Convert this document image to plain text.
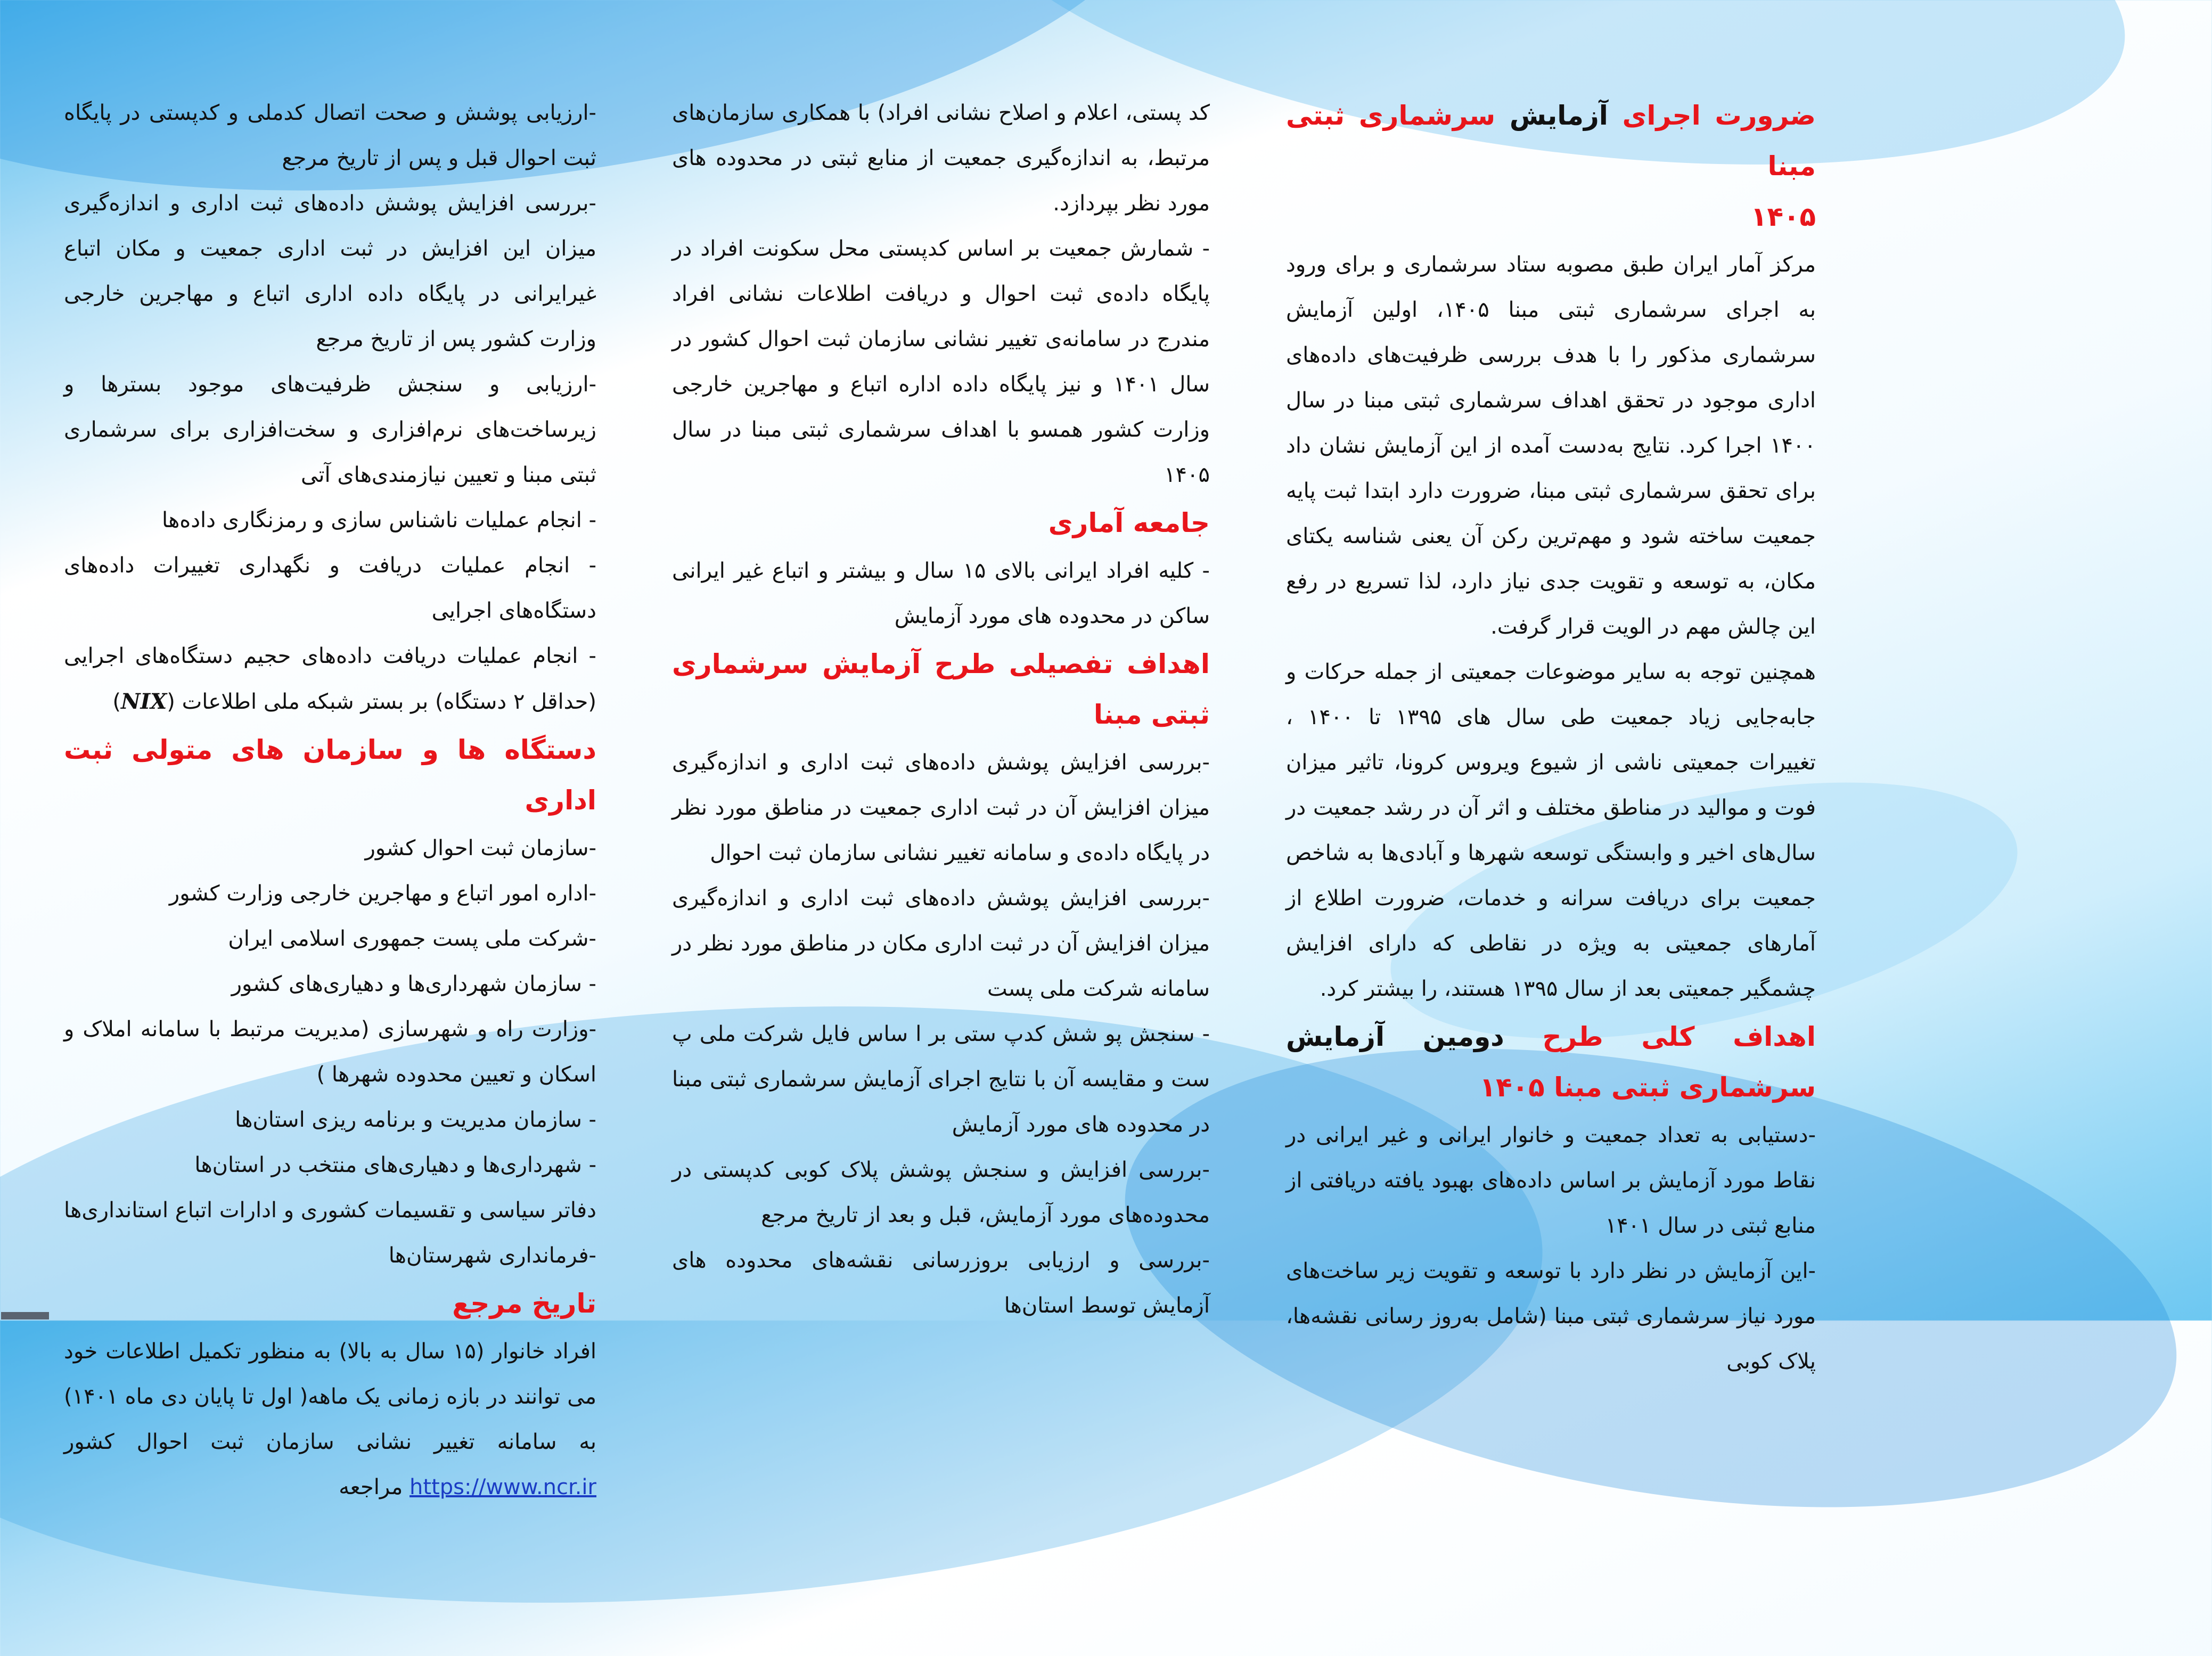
ضرورت اجرای آزمایش سرشماری ثبتی مبنا
۱۴۰۵

مرکز آمار ایران طبق مصوبه ستاد سرشماری و برای ورود به اجرای سرشماری ثبتی مبنا ۱۴۰۵، اولین آزمایش سرشماری مذکور را با هدف بررسی ظرفیت‌های داده‌های اداری موجود در تحقق اهداف سرشماری ثبتی مبنا در سال ۱۴۰۰ اجرا کرد. نتایج به‌دست آمده از این آزمایش نشان داد برای تحقق سرشماری ثبتی مبنا، ضرورت دارد ابتدا ثبت پایه جمعیت ساخته شود و مهم‌ترین رکن آن یعنی شناسه یکتای مکان، به توسعه و تقویت جدی نیاز دارد، لذا تسریع در رفع این چالش مهم در الویت قرار گرفت.

همچنین توجه به سایر موضوعات جمعیتی از جمله حرکات و جابه‌جایی زیاد جمعیت طی سال های ۱۳۹۵ تا ۱۴۰۰ ، تغییرات جمعیتی ناشی از شیوع ویروس کرونا، تاثیر میزان فوت و موالید در مناطق مختلف و اثر آن در رشد جمعیت در سال‌های اخیر و وابستگی توسعه شهرها و آبادی‌ها به شاخص جمعیت برای دریافت سرانه و خدمات، ضرورت اطلاع از آمارهای جمعیتی به ویژه در نقاطی که دارای افزایش چشمگیر جمعیتی بعد از سال ۱۳۹۵ هستند، را بیشتر کرد.

اهداف کلی طرح دومین آزمایش سرشماری ثبتی مبنا ۱۴۰۵

-دستیابی به تعداد جمعیت و خانوار ایرانی و غیر ایرانی در نقاط مورد آزمایش بر اساس داده‌های بهبود یافته دریافتی از منابع ثبتی در سال ۱۴۰۱

-این آزمایش در نظر دارد با توسعه و تقویت زیر ساخت‌های مورد نیاز سرشماری ثبتی مبنا (شامل به‌روز رسانی نقشه‌ها، پلاک کوبی

کد پستی، اعلام و اصلاح نشانی افراد) با همکاری سازمان‌های مرتبط، به اندازه‌گیری جمعیت از منابع ثبتی در محدوده های مورد نظر بپردازد.

- شمارش جمعیت بر اساس کدپستی محل سکونت افراد در پایگاه داده‌ی ثبت احوال و دریافت اطلاعات نشانی افراد مندرج در سامانه‌ی تغییر نشانی سازمان ثبت احوال کشور در سال ۱۴۰۱ و نیز پایگاه داده اداره اتباع و مهاجرین خارجی وزارت کشور همسو با اهداف سرشماری ثبتی مبنا در سال ۱۴۰۵

جامعه آماری

- کلیه افراد ایرانی بالای ۱۵ سال و بیشتر و اتباع غیر ایرانی ساکن در محدوده های مورد آزمایش

اهداف تفصیلی طرح آزمایش سرشماری ثبتی مبنا

-بررسی افزایش پوشش داده‌های ثبت اداری و اندازه‌گیری میزان افزایش آن در ثبت اداری جمعیت در مناطق مورد نظر در پایگاه داده‌ی و سامانه تغییر نشانی سازمان ثبت احوال

-بررسی افزایش پوشش داده‌های ثبت اداری و اندازه‌گیری میزان افزایش آن در ثبت اداری مکان در مناطق مورد نظر در سامانه شرکت ملی پست

- سنجش پو شش کدپ ستی بر ا ساس فایل شرکت ملی پ ست و مقایسه آن با نتایج اجرای آزمایش سرشماری ثبتی مبنا در محدوده های مورد آزمایش

-بررسی افزایش و سنجش پوشش پلاک کوبی کدپستی در محدوده‌های مورد آزمایش، قبل و بعد از تاریخ مرجع

-بررسی و ارزیابی بروزرسانی نقشه‌های محدوده های آزمایش توسط استان‌ها

-ارزیابی پوشش و صحت اتصال کدملی و کدپستی در پایگاه ثبت احوال قبل و پس از تاریخ مرجع

-بررسی افزایش پوشش داده‌های ثبت اداری و اندازه‌گیری میزان این افزایش در ثبت اداری جمعیت و مکان اتباع غیرایرانی در پایگاه داده اداری اتباع و مهاجرین خارجی وزارت کشور پس از تاریخ مرجع

-ارزیابی و سنجش ظرفیت‌های موجود بسترها و زیرساخت‌های نرم‌افزاری و سخت‌افزاری برای سرشماری ثبتی مبنا و تعیین نیازمندی‌های آتی

- انجام عملیات ناشناس سازی و رمزنگاری داده‌ها

- انجام عملیات دریافت و نگهداری تغییرات داده‌های دستگاه‌های اجرایی

- انجام عملیات دریافت داده‌های حجیم دستگاه‌های اجرایی (حداقل ۲ دستگاه) بر بستر شبکه ملی اطلاعات (NIX)

دستگاه ها و سازمان های متولی ثبت اداری

-سازمان ثبت احوال کشور

-اداره امور اتباع و مهاجرین خارجی وزارت کشور

-شرکت ملی پست جمهوری اسلامی ایران

- سازمان شهرداری‌ها و دهیاری‌های کشور

-وزارت راه و شهرسازی (مدیریت مرتبط با سامانه املاک و اسکان و تعیین محدوده شهرها )

- سازمان مدیریت و برنامه ریزی استان‌ها

- شهرداری‌ها و دهیاری‌های منتخب در استان‌ها

دفاتر سیاسی و تقسیمات کشوری و ادارات اتباع استانداری‌ها

-فرمانداری شهرستان‌ها

تاریخ مرجع

افراد خانوار (۱۵ سال به بالا) به منظور تکمیل اطلاعات خود می توانند در بازه زمانی یک ماهه( اول تا پایان دی ماه ۱۴۰۱) به سامانه تغییر نشانی سازمان ثبت احوال کشور https://www.ncr.ir مراجعه
